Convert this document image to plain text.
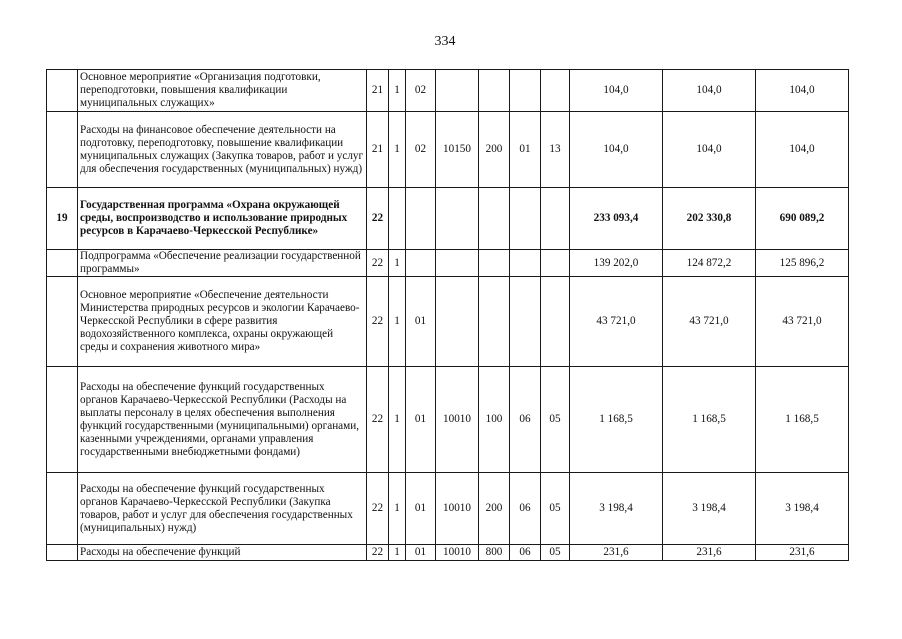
334
	Основное мероприятие «Организация подготовки, переподготовки, повышения квалификации муниципальных служащих»	21	1	02					104,0	104,0	104,0
	Расходы на финансовое обеспечение деятельности на подготовку, переподготовку, повышение квалификации муниципальных служащих (Закупка товаров, работ и услуг для обеспечения государственных (муниципальных) нужд)	21	1	02	10150	200	01	13	104,0	104,0	104,0
19	Государственная программа «Охрана окружающей среды, воспроизводство и использование природных ресурсов в Карачаево-Черкесской Республике»	22							233 093,4	202 330,8	690 089,2
	Подпрограмма «Обеспечение реализации государственной программы»	22	1						139 202,0	124 872,2	125 896,2
	Основное мероприятие «Обеспечение деятельности Министерства природных ресурсов и экологии Карачаево-Черкесской Республики в сфере развития водохозяйственного комплекса, охраны окружающей среды и сохранения животного мира»	22	1	01					43 721,0	43 721,0	43 721,0
	Расходы на обеспечение функций государственных органов Карачаево-Черкесской Республики (Расходы на выплаты персоналу в целях обеспечения выполнения функций государственными (муниципальными) органами, казенными учреждениями, органами управления государственными внебюджетными фондами)	22	1	01	10010	100	06	05	1 168,5	1 168,5	1 168,5
	Расходы на обеспечение функций государственных органов Карачаево-Черкесской Республики (Закупка товаров, работ и услуг для обеспечения государственных (муниципальных) нужд)	22	1	01	10010	200	06	05	3 198,4	3 198,4	3 198,4
	Расходы на обеспечение функций	22	1	01	10010	800	06	05	231,6	231,6	231,6
